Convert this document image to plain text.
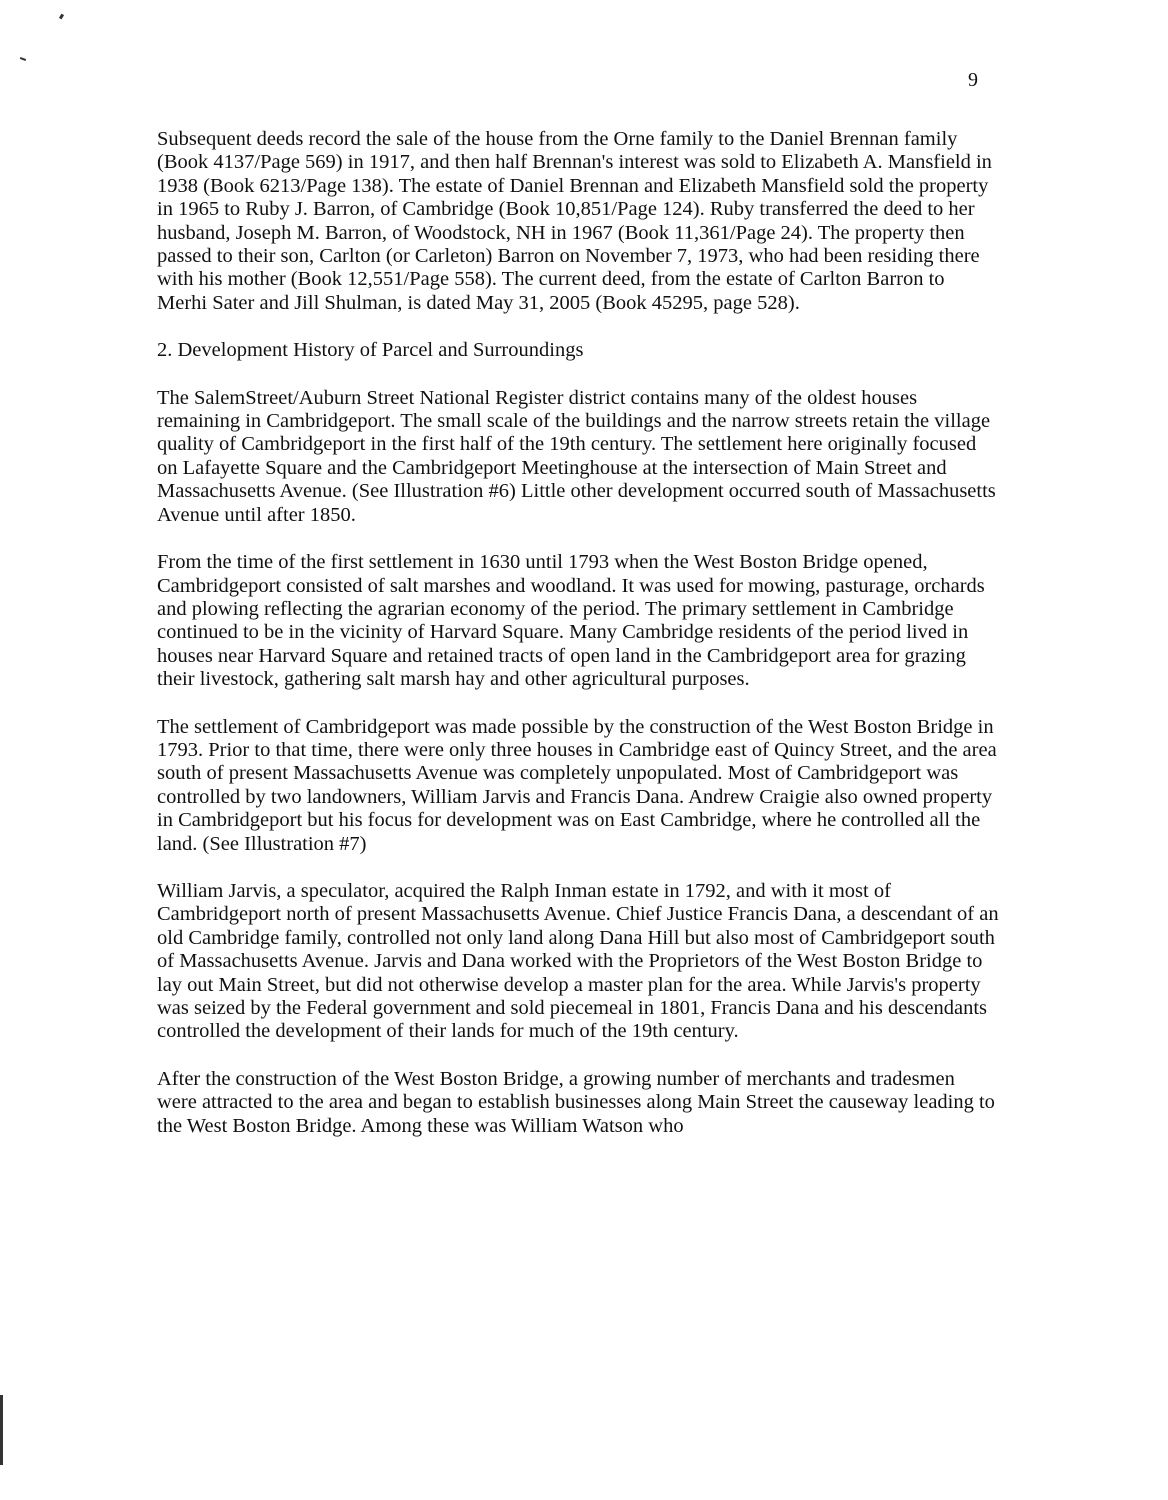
9

Subsequent deeds record the sale of the house from the Orne family to the Daniel Brennan family (Book 4137/Page 569) in 1917, and then half Brennan's interest was sold to Elizabeth A. Mansfield in 1938 (Book 6213/Page 138). The estate of Daniel Brennan and Elizabeth Mansfield sold the property in 1965 to Ruby J. Barron, of Cambridge (Book 10,851/Page 124). Ruby transferred the deed to her husband, Joseph M. Barron, of Woodstock, NH in 1967 (Book 11,361/Page 24). The property then passed to their son, Carlton (or Carleton) Barron on November 7, 1973, who had been residing there with his mother (Book 12,551/Page 558). The current deed, from the estate of Carlton Barron to Merhi Sater and Jill Shulman, is dated May 31, 2005 (Book 45295, page 528).

2. Development History of Parcel and Surroundings

The SalemStreet/Auburn Street National Register district contains many of the oldest houses remaining in Cambridgeport. The small scale of the buildings and the narrow streets retain the village quality of Cambridgeport in the first half of the 19th century. The settlement here originally focused on Lafayette Square and the Cambridgeport Meetinghouse at the intersection of Main Street and Massachusetts Avenue. (See Illustration #6) Little other development occurred south of Massachusetts Avenue until after 1850.

From the time of the first settlement in 1630 until 1793 when the West Boston Bridge opened, Cambridgeport consisted of salt marshes and woodland. It was used for mowing, pasturage, orchards and plowing reflecting the agrarian economy of the period. The primary settlement in Cambridge continued to be in the vicinity of Harvard Square. Many Cambridge residents of the period lived in houses near Harvard Square and retained tracts of open land in the Cambridgeport area for grazing their livestock, gathering salt marsh hay and other agricultural purposes.

The settlement of Cambridgeport was made possible by the construction of the West Boston Bridge in 1793. Prior to that time, there were only three houses in Cambridge east of Quincy Street, and the area south of present Massachusetts Avenue was completely unpopulated. Most of Cambridgeport was controlled by two landowners, William Jarvis and Francis Dana. Andrew Craigie also owned property in Cambridgeport but his focus for development was on East Cambridge, where he controlled all the land. (See Illustration #7)

William Jarvis, a speculator, acquired the Ralph Inman estate in 1792, and with it most of Cambridgeport north of present Massachusetts Avenue. Chief Justice Francis Dana, a descendant of an old Cambridge family, controlled not only land along Dana Hill but also most of Cambridgeport south of Massachusetts Avenue. Jarvis and Dana worked with the Proprietors of the West Boston Bridge to lay out Main Street, but did not otherwise develop a master plan for the area. While Jarvis's property was seized by the Federal government and sold piecemeal in 1801, Francis Dana and his descendants controlled the development of their lands for much of the 19th century.

After the construction of the West Boston Bridge, a growing number of merchants and tradesmen were attracted to the area and began to establish businesses along Main Street the causeway leading to the West Boston Bridge. Among these was William Watson who
